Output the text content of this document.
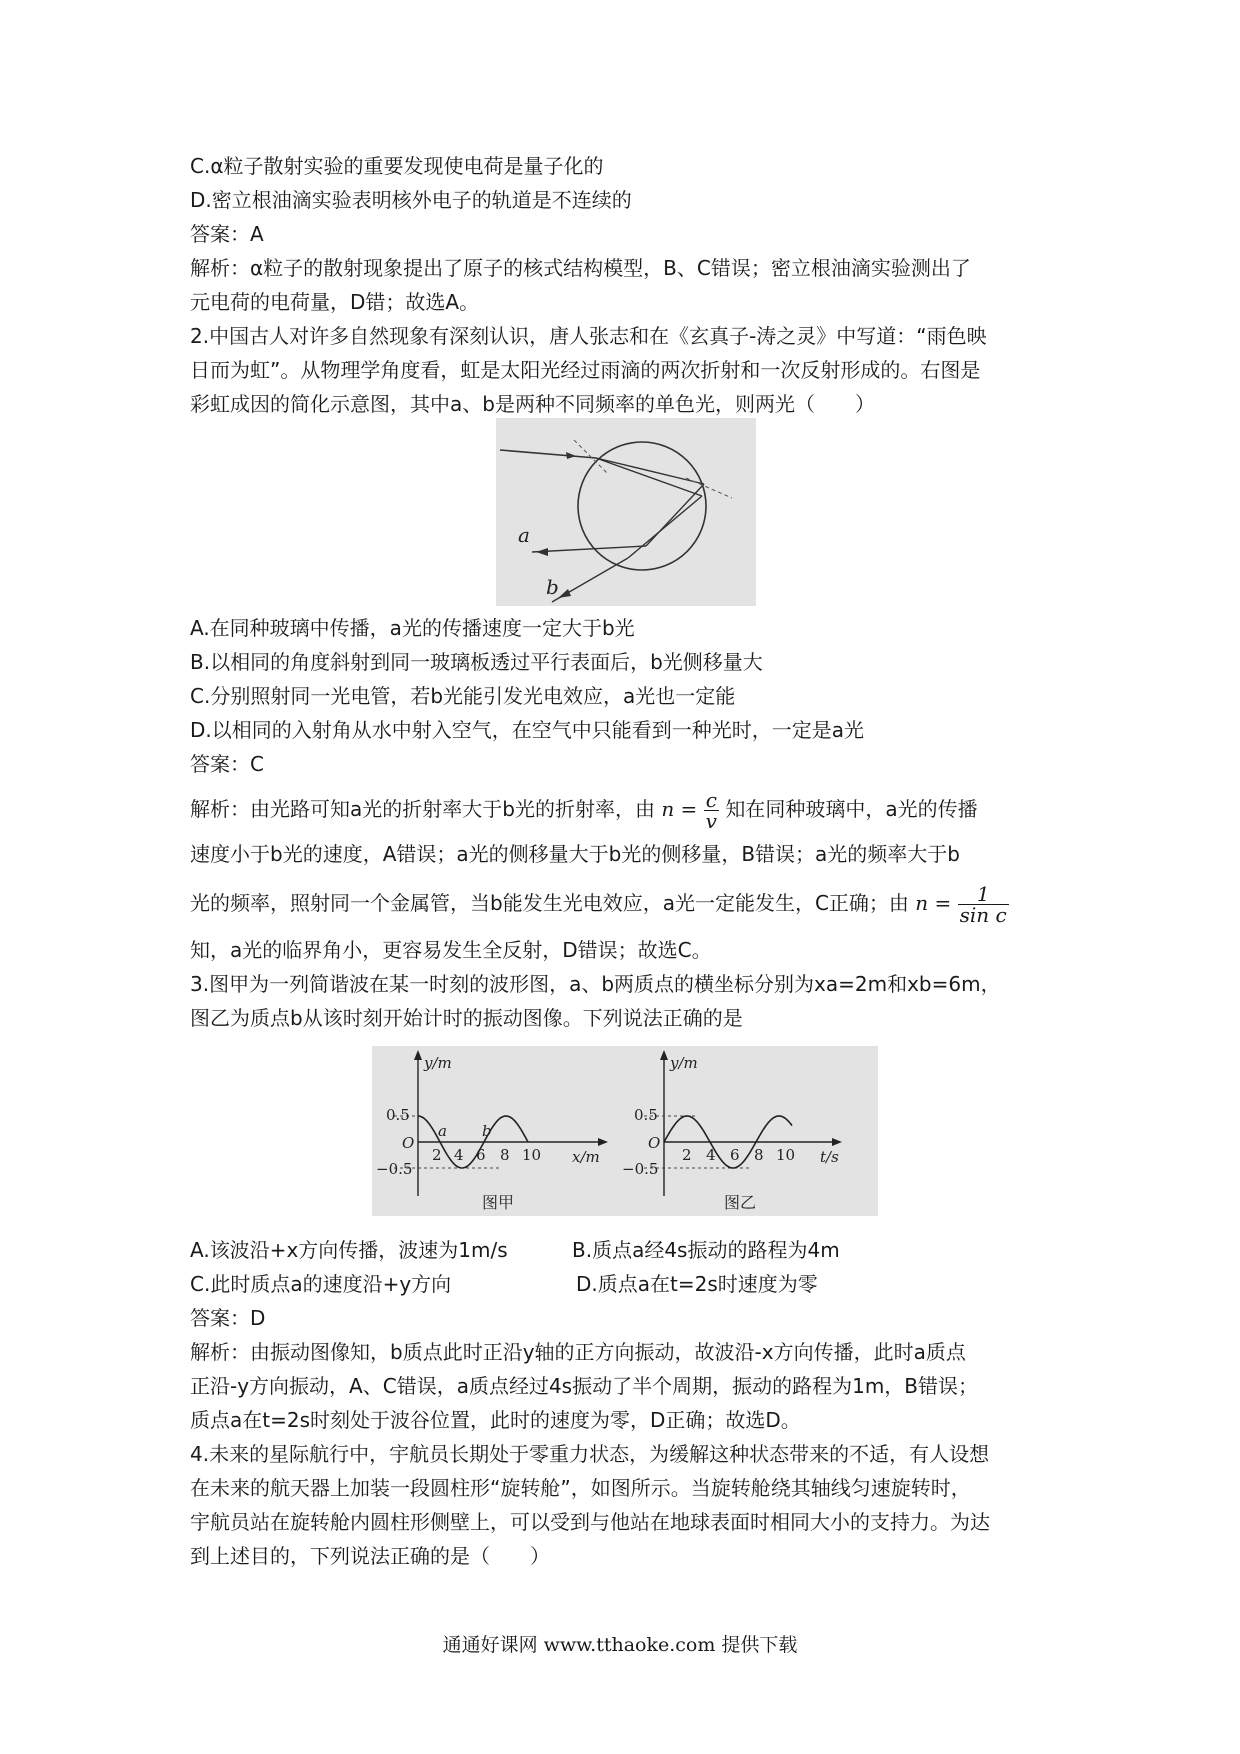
C.α粒子散射实验的重要发现使电荷是量子化的
D.密立根油滴实验表明核外电子的轨道是不连续的
答案：A
解析：α粒子的散射现象提出了原子的核式结构模型，B、C错误；密立根油滴实验测出了
元电荷的电荷量，D错；故选A。
2.中国古人对许多自然现象有深刻认识，唐人张志和在《玄真子-涛之灵》中写道：“雨色映
日而为虹”。从物理学角度看，虹是太阳光经过雨滴的两次折射和一次反射形成的。右图是
彩虹成因的简化示意图，其中a、b是两种不同频率的单色光，则两光（　　）
a
b
A.在同种玻璃中传播，a光的传播速度一定大于b光
B.以相同的角度斜射到同一玻璃板透过平行表面后，b光侧移量大
C.分别照射同一光电管，若b光能引发光电效应，a光也一定能
D.以相同的入射角从水中射入空气，在空气中只能看到一种光时，一定是a光
答案：C
解析：由光路可知a光的折射率大于b光的折射率，由 $n = \frac{c}{v}$ 知在同种玻璃中，a光的传播
速度小于b光的速度，A错误；a光的侧移量大于b光的侧移量，B错误；a光的频率大于b
光的频率，照射同一个金属管，当b能发生光电效应，a光一定能发生，C正确；由 $n = \frac{1}{\text{sin c}}$
知，a光的临界角小，更容易发生全反射，D错误；故选C。
3.图甲为一列简谐波在某一时刻的波形图，a、b两质点的横坐标分别为xa=2m和xb=6m，
图乙为质点b从该时刻开始计时的振动图像。下列说法正确的是
y/m
x/m
O
0.5
−0.5
2 4 6 8 10
a b
图甲
y/m
t/s
O
0.5
−0.5
2 4 6 8 10
图乙
A.该波沿+x方向传播，波速为1m/s	B.质点a经4s振动的路程为4m
C.此时质点a的速度沿+y方向	D.质点a在t=2s时速度为零
答案：D
解析：由振动图像知，b质点此时正沿y轴的正方向振动，故波沿-x方向传播，此时a质点
正沿-y方向振动，A、C错误，a质点经过4s振动了半个周期，振动的路程为1m，B错误；
质点a在t=2s时刻处于波谷位置，此时的速度为零，D正确；故选D。
4.未来的星际航行中，宇航员长期处于零重力状态，为缓解这种状态带来的不适，有人设想
在未来的航天器上加装一段圆柱形“旋转舱”，如图所示。当旋转舱绕其轴线匀速旋转时，
宇航员站在旋转舱内圆柱形侧壁上，可以受到与他站在地球表面时相同大小的支持力。为达
到上述目的，下列说法正确的是（　　）
通通好课网 www.tthaoke.com 提供下载
